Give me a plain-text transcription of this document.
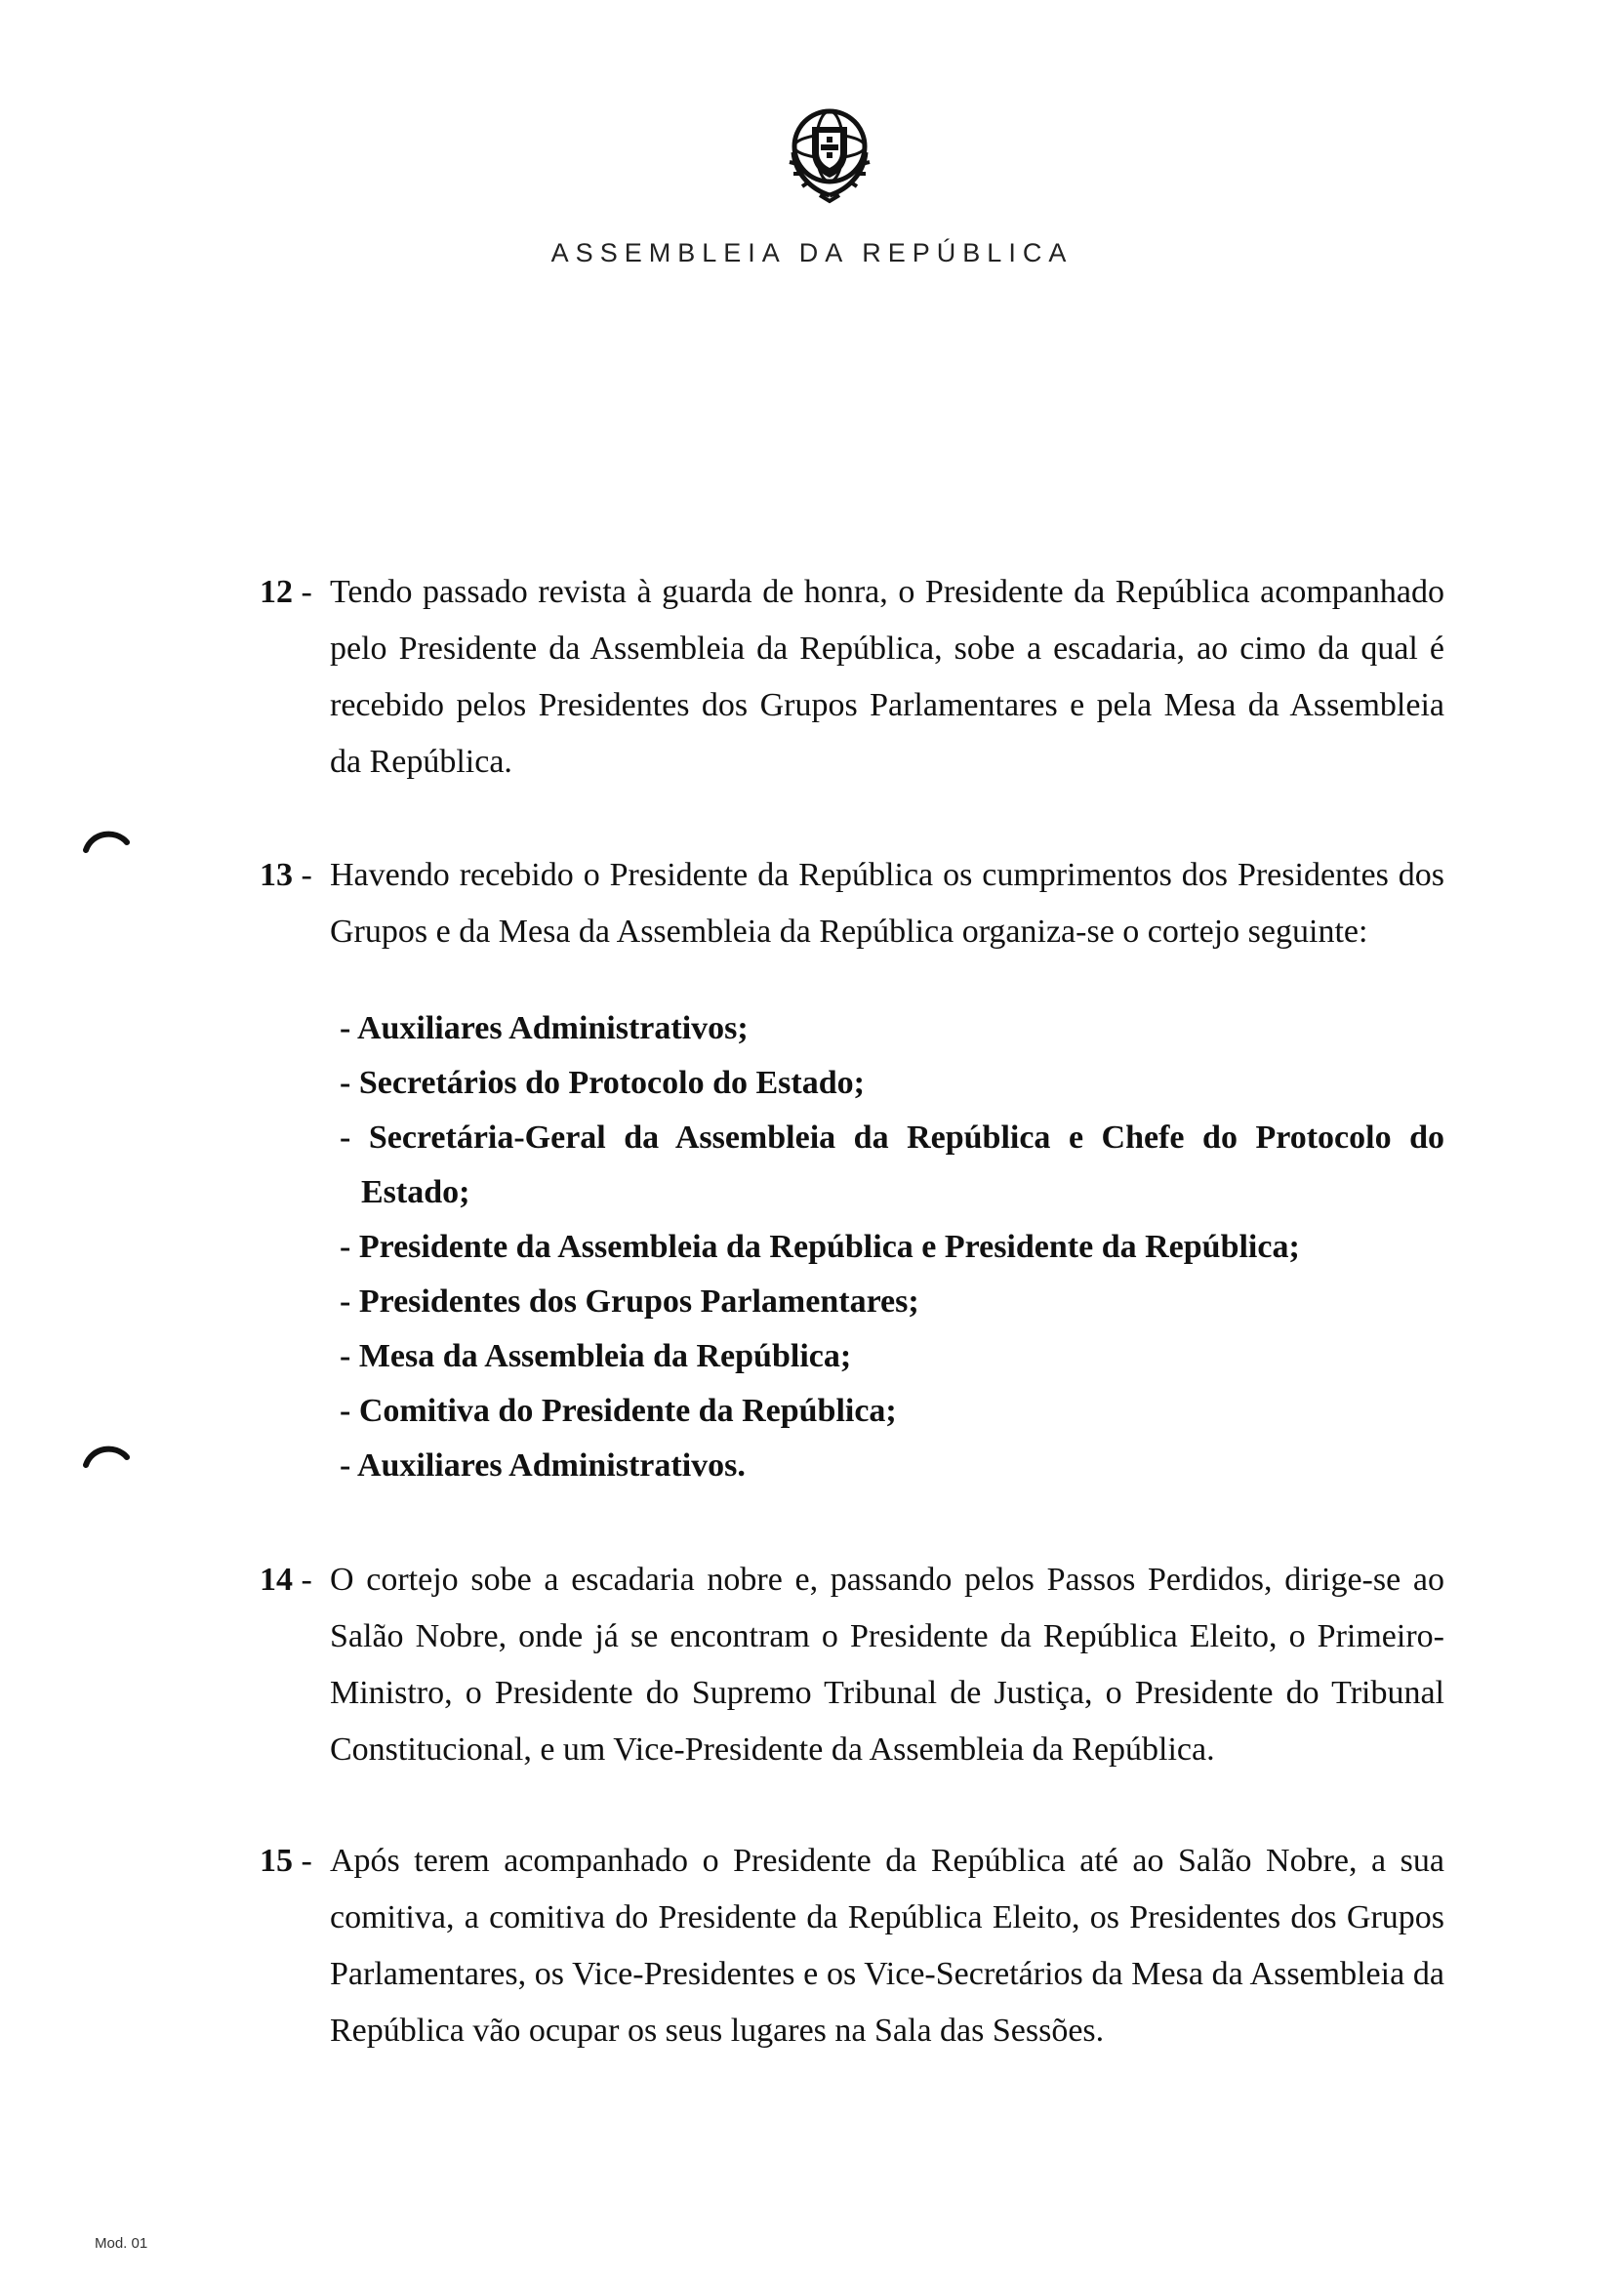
ASSEMBLEIA DA REPÚBLICA
12 - Tendo passado revista à guarda de honra, o Presidente da República acompanhado pelo Presidente da Assembleia da República, sobe a escadaria, ao cimo da qual é recebido pelos Presidentes dos Grupos Parlamentares e pela Mesa da Assembleia da República.
13 - Havendo recebido o Presidente da República os cumprimentos dos Presidentes dos Grupos e da Mesa da Assembleia da República organiza-se o cortejo seguinte:
- Auxiliares Administrativos;
- Secretários do Protocolo do Estado;
- Secretária-Geral da Assembleia da República e Chefe do Protocolo do Estado;
- Presidente da Assembleia da República e Presidente da República;
- Presidentes dos Grupos Parlamentares;
- Mesa da Assembleia da República;
- Comitiva do Presidente da República;
- Auxiliares Administrativos.
14 - O cortejo sobe a escadaria nobre e, passando pelos Passos Perdidos, dirige-se ao Salão Nobre, onde já se encontram o Presidente da República Eleito, o Primeiro-Ministro, o Presidente do Supremo Tribunal de Justiça, o Presidente do Tribunal Constitucional, e um Vice-Presidente da Assembleia da República.
15 - Após terem acompanhado o Presidente da República até ao Salão Nobre, a sua comitiva, a comitiva do Presidente da República Eleito, os Presidentes dos Grupos Parlamentares, os Vice-Presidentes e os Vice-Secretários da Mesa da Assembleia da República vão ocupar os seus lugares na Sala das Sessões.
Mod. 01
